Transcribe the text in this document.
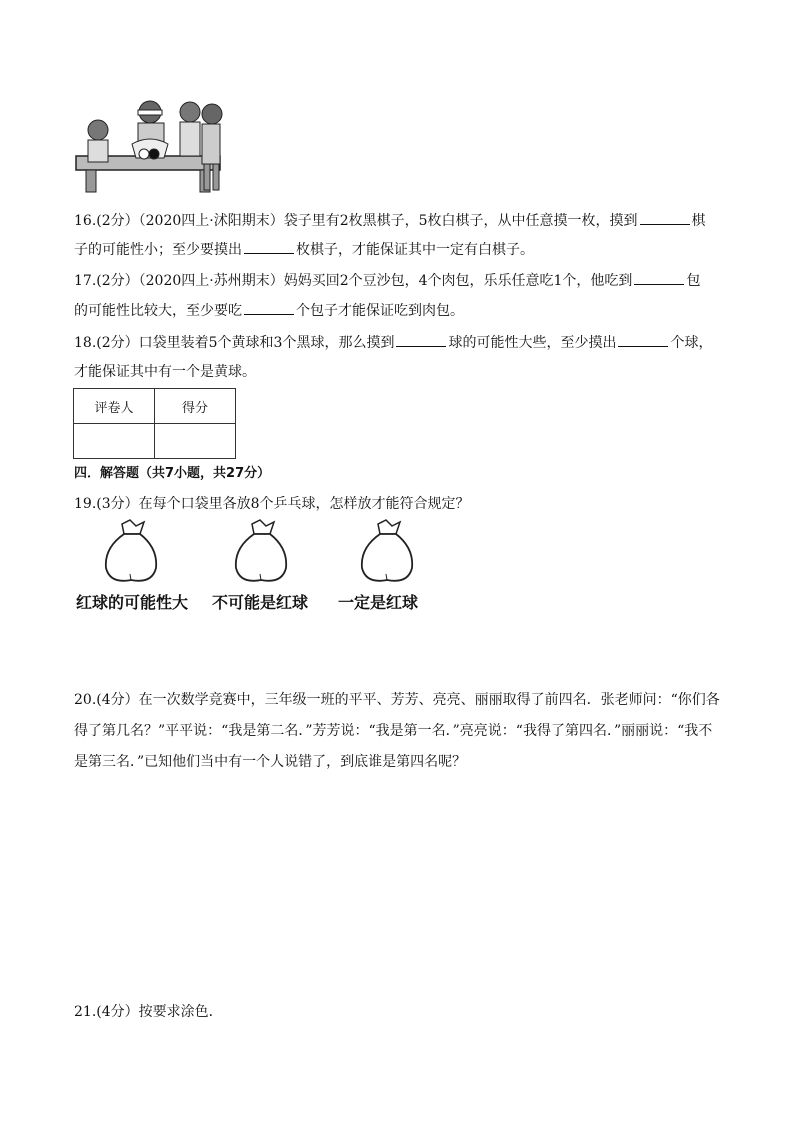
16.(2分）（2020四上·沭阳期末）袋子里有2枚黑棋子，5枚白棋子，从中任意摸一枚，摸到	棋
子的可能性小；至少要摸出	枚棋子，才能保证其中一定有白棋子。
17.(2分）（2020四上·苏州期末）妈妈买回2个豆沙包，4个肉包，乐乐任意吃1个，他吃到	包
的可能性比较大，至少要吃	个包子才能保证吃到肉包。
18.(2分）口袋里装着5个黄球和3个黑球，那么摸到	球的可能性大些，至少摸出	个球，
才能保证其中有一个是黄球。
评卷人	得分

四．解答题（共7小题，共27分）
19.(3分）在每个口袋里各放8个乒乓球，怎样放才能符合规定？
红球的可能性大 不可能是红球 一定是红球
20.(4分）在一次数学竞赛中，三年级一班的平平、芳芳、亮亮、丽丽取得了前四名．张老师问：“你们各
得了第几名？”平平说：“我是第二名．”芳芳说：“我是第一名．”亮亮说：“我得了第四名．”丽丽说：“我不
是第三名．”已知他们当中有一个人说错了，到底谁是第四名呢？
21.(4分）按要求涂色．
